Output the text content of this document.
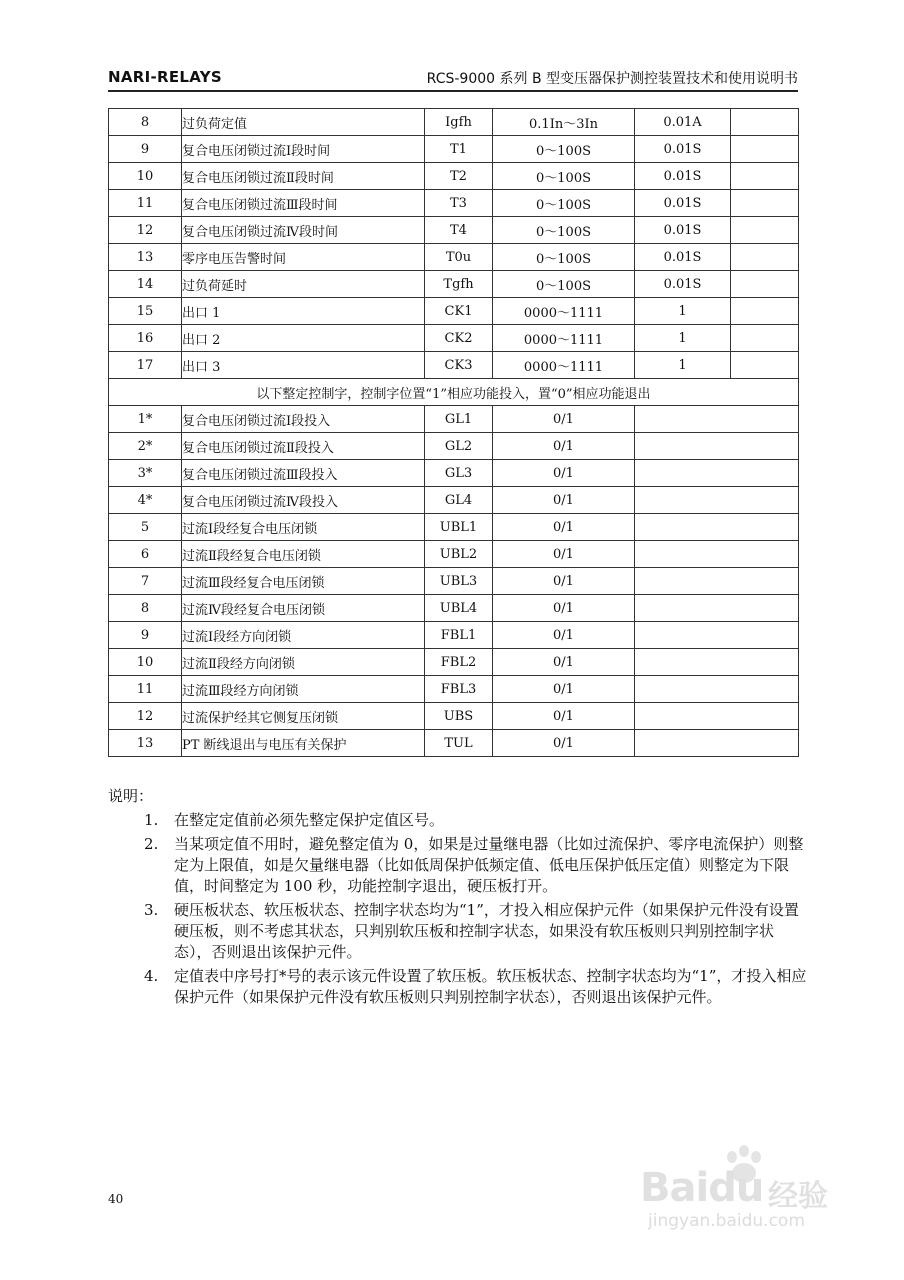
NARI-RELAYS	RCS-9000 系列 B 型变压器保护测控装置技术和使用说明书
8	过负荷定值	Igfh	0.1In～3In	0.01A	
9	复合电压闭锁过流Ⅰ段时间	T1	0～100S	0.01S	
10	复合电压闭锁过流Ⅱ段时间	T2	0～100S	0.01S	
11	复合电压闭锁过流Ⅲ段时间	T3	0～100S	0.01S	
12	复合电压闭锁过流Ⅳ段时间	T4	0～100S	0.01S	
13	零序电压告警时间	T0u	0～100S	0.01S	
14	过负荷延时	Tgfh	0～100S	0.01S	
15	出口 1	CK1	0000～1111	1	
16	出口 2	CK2	0000～1111	1	
17	出口 3	CK3	0000～1111	1	
以下整定控制字，控制字位置“1”相应功能投入，置“0”相应功能退出					
1*	复合电压闭锁过流Ⅰ段投入	GL1	0/1		
2*	复合电压闭锁过流Ⅱ段投入	GL2	0/1		
3*	复合电压闭锁过流Ⅲ段投入	GL3	0/1		
4*	复合电压闭锁过流Ⅳ段投入	GL4	0/1		
5	过流Ⅰ段经复合电压闭锁	UBL1	0/1		
6	过流Ⅱ段经复合电压闭锁	UBL2	0/1		
7	过流Ⅲ段经复合电压闭锁	UBL3	0/1		
8	过流Ⅳ段经复合电压闭锁	UBL4	0/1		
9	过流Ⅰ段经方向闭锁	FBL1	0/1		
10	过流Ⅱ段经方向闭锁	FBL2	0/1		
11	过流Ⅲ段经方向闭锁	FBL3	0/1		
12	过流保护经其它侧复压闭锁	UBS	0/1		
13	PT 断线退出与电压有关保护	TUL	0/1		
说明：
1. 在整定定值前必须先整定保护定值区号。
2. 当某项定值不用时，避免整定值为 0，如果是过量继电器（比如过流保护、零序电流保护）则整定为上限值，如是欠量继电器（比如低周保护低频定值、低电压保护低压定值）则整定为下限值，时间整定为 100 秒，功能控制字退出，硬压板打开。
3. 硬压板状态、软压板状态、控制字状态均为“1”，才投入相应保护元件（如果保护元件没有设置硬压板，则不考虑其状态，只判别软压板和控制字状态，如果没有软压板则只判别控制字状态），否则退出该保护元件。
4. 定值表中序号打*号的表示该元件设置了软压板。软压板状态、控制字状态均为“1”，才投入相应保护元件（如果保护元件没有软压板则只判别控制字状态），否则退出该保护元件。
40	Baidu 经验
jingyan.baidu.com
